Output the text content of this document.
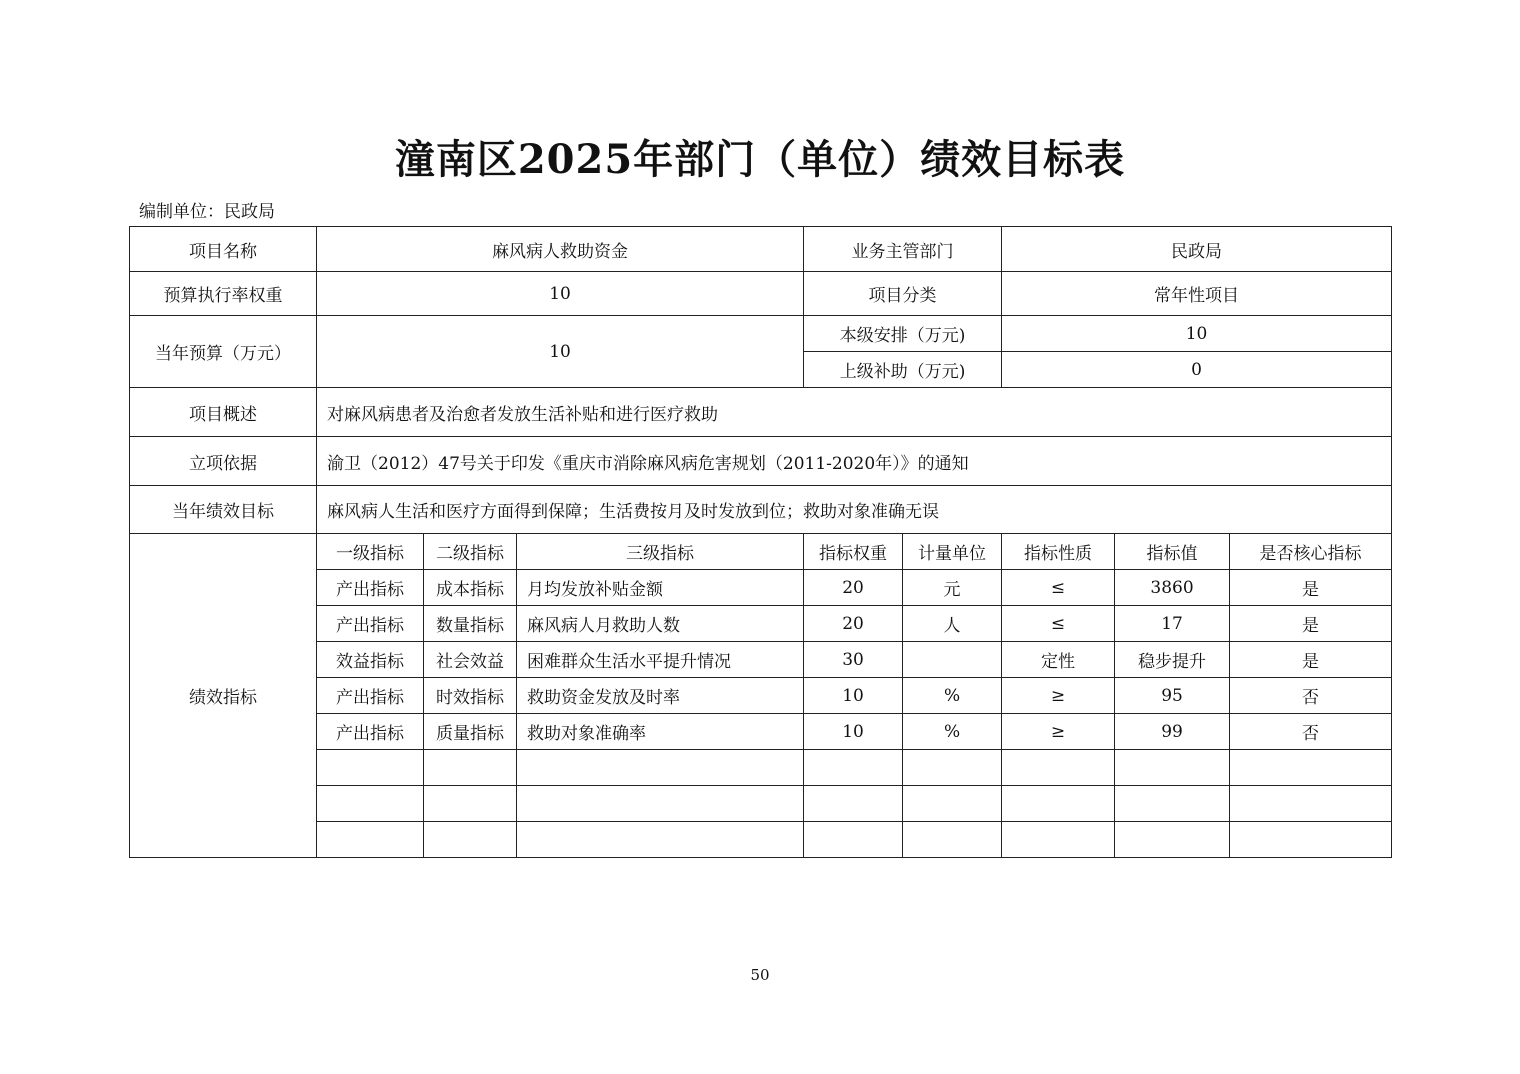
潼南区2025年部门（单位）绩效目标表
编制单位：民政局
项目名称	麻风病人救助资金			业务主管部门		民政局		
预算执行率权重	10			项目分类		常年性项目		
当年预算（万元）	10			本级安排（万元)		10		
				上级补助（万元)		0		
项目概述	对麻风病患者及治愈者发放生活补贴和进行医疗救助							
立项依据	渝卫（2012）47号关于印发《重庆市消除麻风病危害规划（2011-2020年）》的通知							
当年绩效目标	麻风病人生活和医疗方面得到保障；生活费按月及时发放到位；救助对象准确无误							
绩效指标	一级指标	二级指标	三级指标	指标权重	计量单位	指标性质	指标值	是否核心指标
	产出指标	成本指标	月均发放补贴金额	20	元	≤	3860	是
	产出指标	数量指标	麻风病人月救助人数	20	人	≤	17	是
	效益指标	社会效益	困难群众生活水平提升情况	30		定性	稳步提升	是
	产出指标	时效指标	救助资金发放及时率	10	%	≥	95	否
	产出指标	质量指标	救助对象准确率	10	%	≥	99	否

50
